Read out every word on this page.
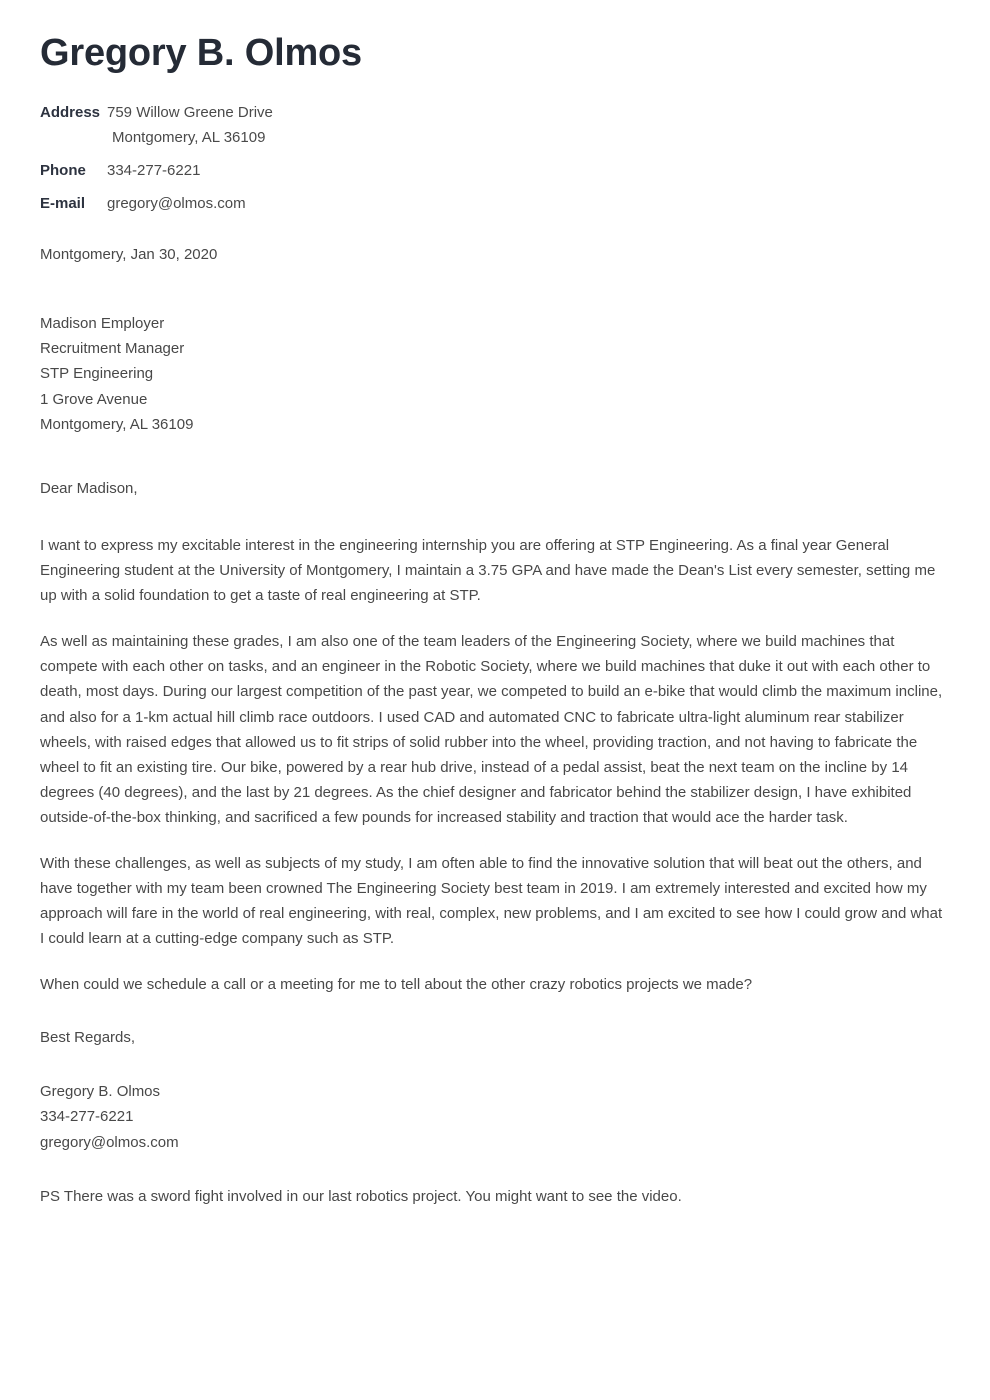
Gregory B. Olmos
Address 759 Willow Greene Drive
Montgomery, AL 36109
Phone 334-277-6221
E-mail gregory@olmos.com

Montgomery, Jan 30, 2020

Madison Employer

Recruitment Manager

STP Engineering

1 Grove Avenue

Montgomery, AL 36109

Dear Madison,

I want to express my excitable interest in the engineering internship you are offering at STP Engineering. As a final year General Engineering student at the University of Montgomery, I maintain a 3.75 GPA and have made the Dean's List every semester, setting me up with a solid foundation to get a taste of real engineering at STP.

As well as maintaining these grades, I am also one of the team leaders of the Engineering Society, where we build machines that compete with each other on tasks, and an engineer in the Robotic Society, where we build machines that duke it out with each other to death, most days. During our largest competition of the past year, we competed to build an e-bike that would climb the maximum incline, and also for a 1-km actual hill climb race outdoors. I used CAD and automated CNC to fabricate ultra-light aluminum rear stabilizer wheels, with raised edges that allowed us to fit strips of solid rubber into the wheel, providing traction, and not having to fabricate the wheel to fit an existing tire. Our bike, powered by a rear hub drive, instead of a pedal assist, beat the next team on the incline by 14 degrees (40 degrees), and the last by 21 degrees. As the chief designer and fabricator behind the stabilizer design, I have exhibited outside-of-the-box thinking, and sacrificed a few pounds for increased stability and traction that would ace the harder task.

With these challenges, as well as subjects of my study, I am often able to find the innovative solution that will beat out the others, and have together with my team been crowned The Engineering Society best team in 2019. I am extremely interested and excited how my approach will fare in the world of real engineering, with real, complex, new problems, and I am excited to see how I could grow and what I could learn at a cutting-edge company such as STP.

When could we schedule a call or a meeting for me to tell about the other crazy robotics projects we made?

Best Regards,

Gregory B. Olmos

334-277-6221

gregory@olmos.com

PS There was a sword fight involved in our last robotics project. You might want to see the video.
